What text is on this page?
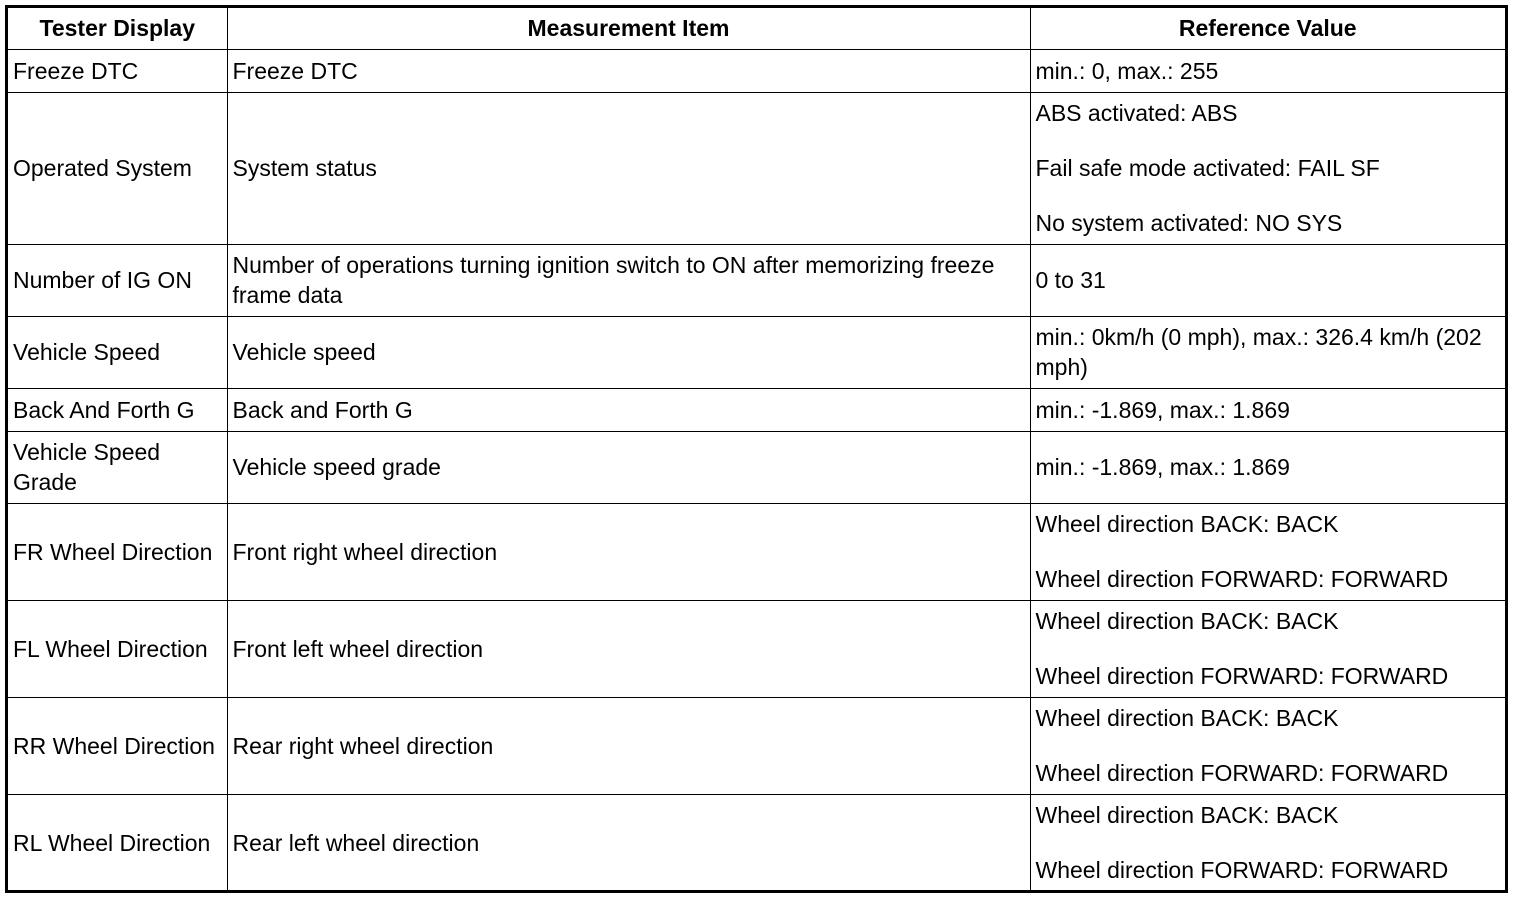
Tester Display	Measurement Item	Reference Value
Freeze DTC	Freeze DTC	min.: 0, max.: 255

Operated System	System status	ABS activated: ABS
Fail safe mode activated: FAIL SF
No system activated: NO SYS

Number of IG ON	Number of operations turning ignition switch to ON after memorizing freeze frame data	0 to 31

Vehicle Speed	Vehicle speed	min.: 0km/h (0 mph), max.: 326.4 km/h (202 mph)

Back And Forth G	Back and Forth G	min.: -1.869, max.: 1.869

Vehicle Speed Grade	Vehicle speed grade	min.: -1.869, max.: 1.869

FR Wheel Direction	Front right wheel direction	Wheel direction BACK: BACK
Wheel direction FORWARD: FORWARD

FL Wheel Direction	Front left wheel direction	Wheel direction BACK: BACK
Wheel direction FORWARD: FORWARD

RR Wheel Direction	Rear right wheel direction	Wheel direction BACK: BACK
Wheel direction FORWARD: FORWARD

RL Wheel Direction	Rear left wheel direction	Wheel direction BACK: BACK
Wheel direction FORWARD: FORWARD
